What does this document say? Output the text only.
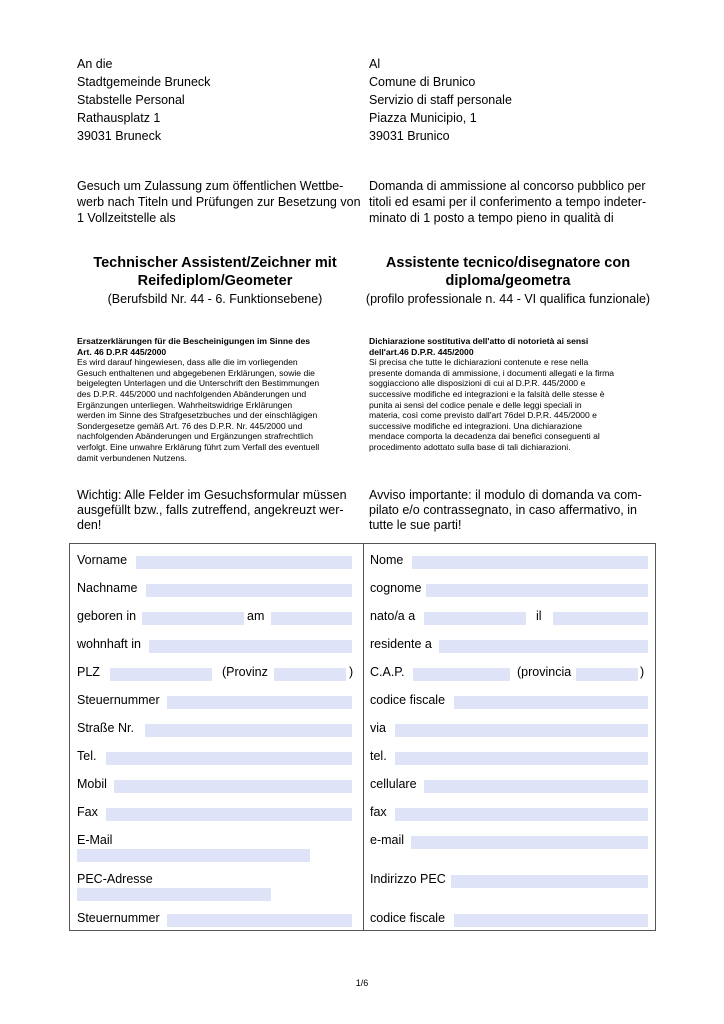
An die
Stadtgemeinde Bruneck
Stabstelle Personal
Rathausplatz 1
39031 Bruneck
Al
Comune di Brunico
Servizio di staff personale
Piazza Municipio, 1
39031 Brunico
Gesuch um Zulassung zum öffentlichen Wettbe-
werb nach Titeln und Prüfungen zur Besetzung von
1 Vollzeitstelle als
Domanda di ammissione al concorso pubblico per
titoli ed esami per il conferimento a tempo indeter-
minato di 1 posto a tempo pieno in qualità di
Technischer Assistent/Zeichner mit
Reifediplom/Geometer
Assistente tecnico/disegnatore con
diploma/geometra
(Berufsbild Nr. 44 - 6. Funktionsebene)	(profilo professionale n. 44 - VI qualifica funzionale)
Ersatzerklärungen für die Bescheinigungen im Sinne des
Art. 46 D.P.R 445/2000
Es wird darauf hingewiesen, dass alle die im vorliegenden
Gesuch enthaltenen und abgegebenen Erklärungen, sowie die
beigelegten Unterlagen und die Unterschrift den Bestimmungen
des D.P.R. 445/2000 und nachfolgenden Abänderungen und
Ergänzungen unterliegen. Wahrheitswidrige Erklärungen
werden im Sinne des Strafgesetzbuches und der einschlägigen
Sondergesetze gemäß Art. 76 des D.P.R. Nr. 445/2000 und
nachfolgenden Abänderungen und Ergänzungen strafrechtlich
verfolgt. Eine unwahre Erklärung führt zum Verfall des eventuell
damit verbundenen Nutzens.
Dichiarazione sostitutiva dell'atto di notorietà ai sensi
dell'art.46 D.P.R. 445/2000
Si precisa che tutte le dichiarazioni contenute e rese nella
presente domanda di ammissione, i documenti allegati e la firma
soggiacciono alle disposizioni di cui al D.P.R. 445/2000 e
successive modifiche ed integrazioni e la falsità delle stesse è
punita ai sensi del codice penale e delle leggi speciali in
materia, così come previsto dall'art 76del D.P.R. 445/2000 e
successive modifiche ed integrazioni. Una dichiarazione
mendace comporta la decadenza dai benefici conseguenti al
procedimento adottato sulla base di tali dichiarazioni.
Wichtig: Alle Felder im Gesuchsformular müssen
ausgefüllt bzw., falls zutreffend, angekreuzt wer-
den!
Avviso importante: il modulo di domanda va com-
pilato e/o contrassegnato, in caso affermativo, in
tutte le sue parti!
Vorname
Nachname
geboren in	am
wohnhaft in
PLZ	(Provinz	)
Steuernummer
Straße Nr.
Tel.
Mobil
Fax
E-Mail
PEC-Adresse
Steuernummer
Nome
cognome
nato/a a	il
residente a
C.A.P.	(provincia	)
codice fiscale
via
tel.
cellulare
fax
e-mail
Indirizzo PEC
codice fiscale
1/6
